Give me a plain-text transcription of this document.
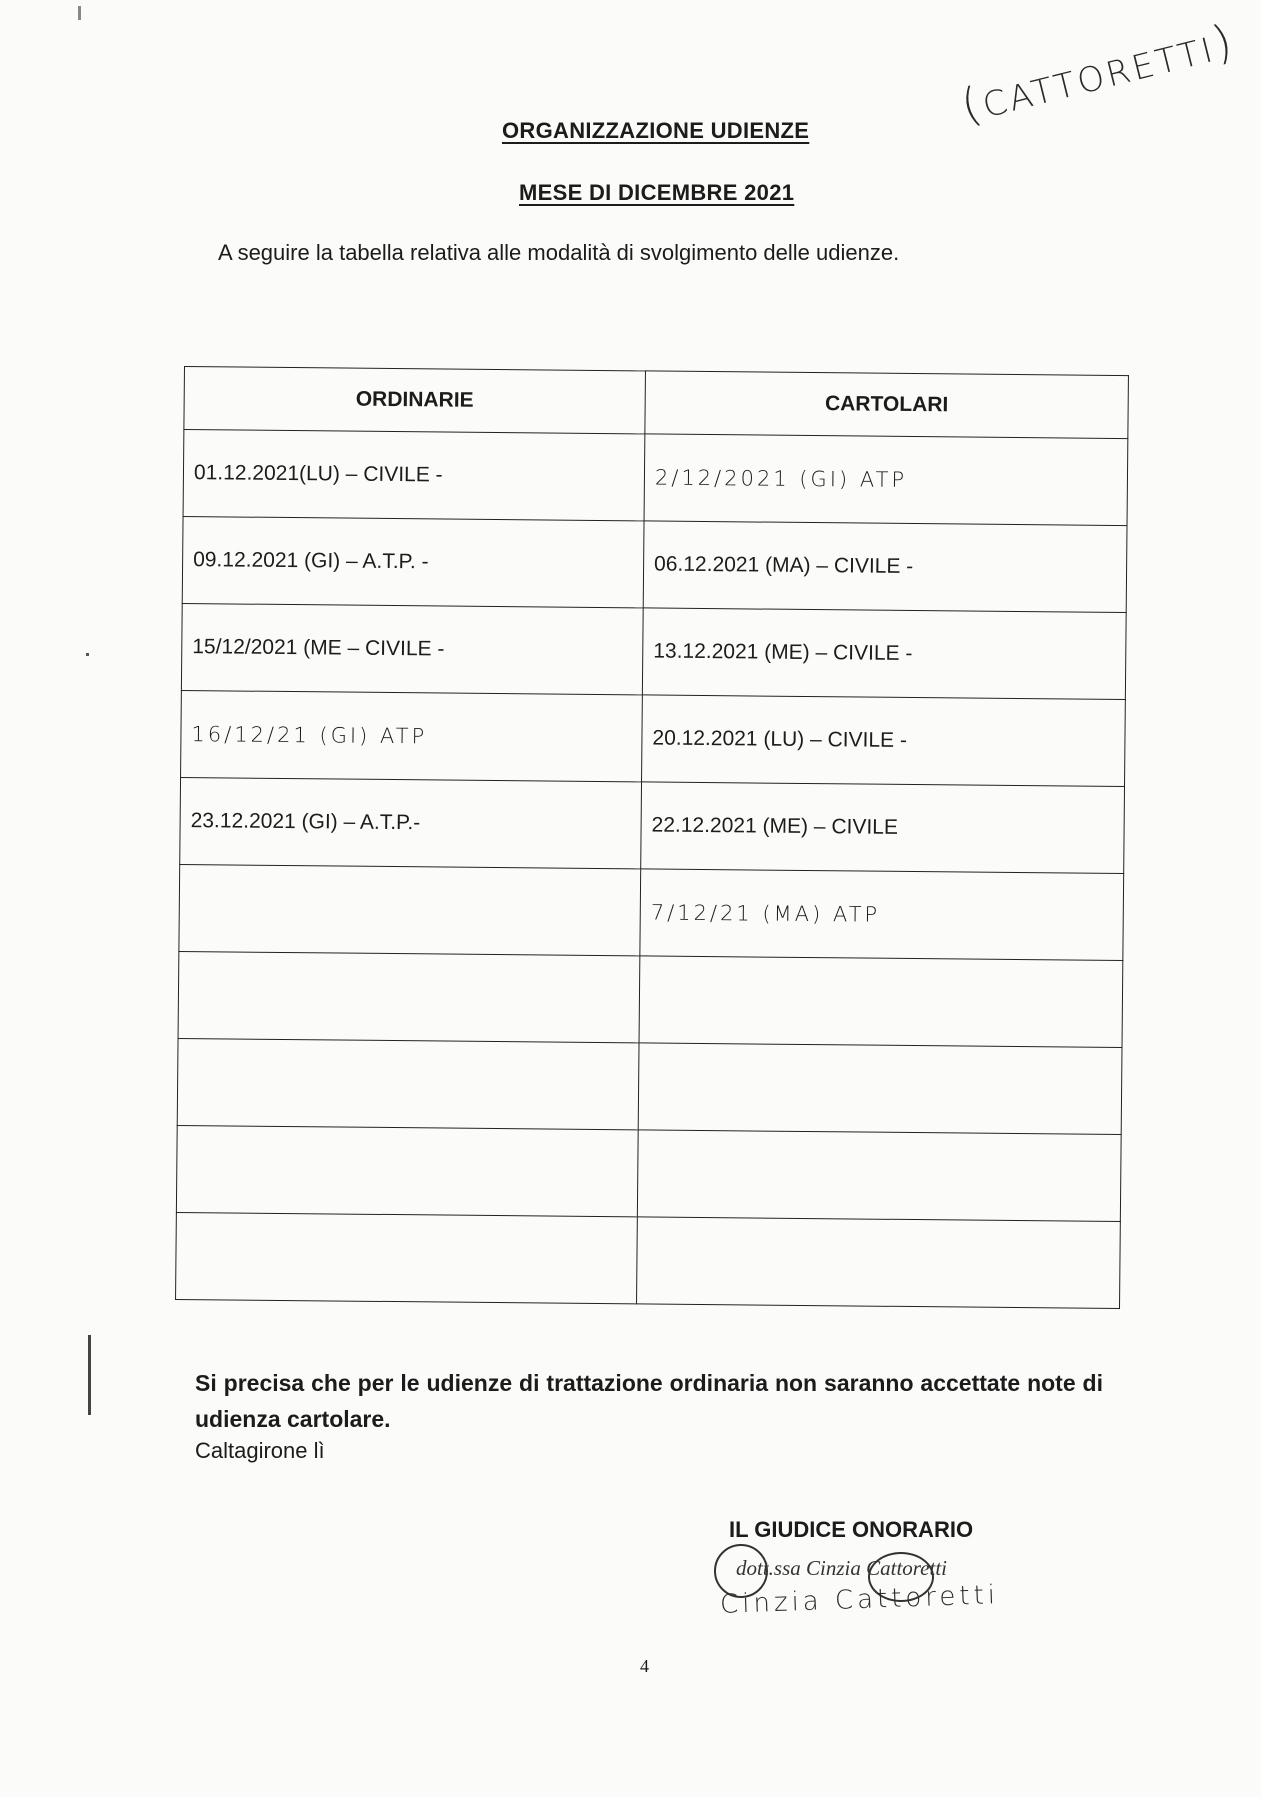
ORGANIZZAZIONE UDIENZE
MESE DI DICEMBRE 2021
(CATTORETTI)
A seguire la tabella relativa alle modalità di svolgimento delle udienze.
ORDINARIE	CARTOLARI
01.12.2021(LU) – CIVILE -	2/12/2021 (GI) ATP
09.12.2021 (GI) – A.T.P. -	06.12.2021 (MA) – CIVILE -
15/12/2021 (ME – CIVILE -	13.12.2021 (ME) – CIVILE -
16/12/21 (GI) ATP	20.12.2021 (LU) – CIVILE -
23.12.2021 (GI) – A.T.P.-	22.12.2021 (ME) – CIVILE
	7/12/21 (MA) ATP

Si precisa che per le udienze di trattazione ordinaria non saranno accettate note di udienza cartolare.
Caltagirone lì
IL GIUDICE ONORARIO
dott.ssa Cinzia Cattoretti
Cinzia Cattoretti
4
